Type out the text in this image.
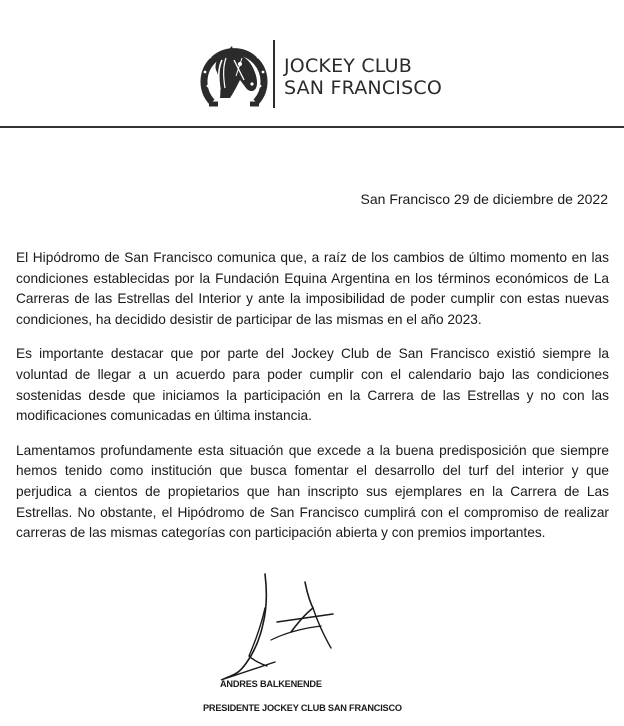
JOCKEY CLUB
SAN FRANCISCO
San Francisco 29 de diciembre de 2022

El Hipódromo de San Francisco comunica que, a raíz de los cambios de último momento en las condiciones establecidas por la Fundación Equina Argentina en los términos económicos de La Carreras de las Estrellas del Interior y ante la imposibilidad de poder cumplir con estas nuevas condiciones, ha decidido desistir de participar de las mismas en el año 2023.

Es importante destacar que por parte del Jockey Club de San Francisco existió siempre la voluntad de llegar a un acuerdo para poder cumplir con el calendario bajo las condiciones sostenidas desde que iniciamos la participación en la Carrera de las Estrellas y no con las modificaciones comunicadas en última instancia.

Lamentamos profundamente esta situación que excede a la buena predisposición que siempre hemos tenido como institución que busca fomentar el desarrollo del turf del interior y que perjudica a cientos de propietarios que han inscripto sus ejemplares en la Carrera de Las Estrellas. No obstante, el Hipódromo de San Francisco cumplirá con el compromiso de realizar carreras de las mismas categorías con participación abierta y con premios importantes.

ANDRES BALKENENDE
PRESIDENTE JOCKEY CLUB SAN FRANCISCO
